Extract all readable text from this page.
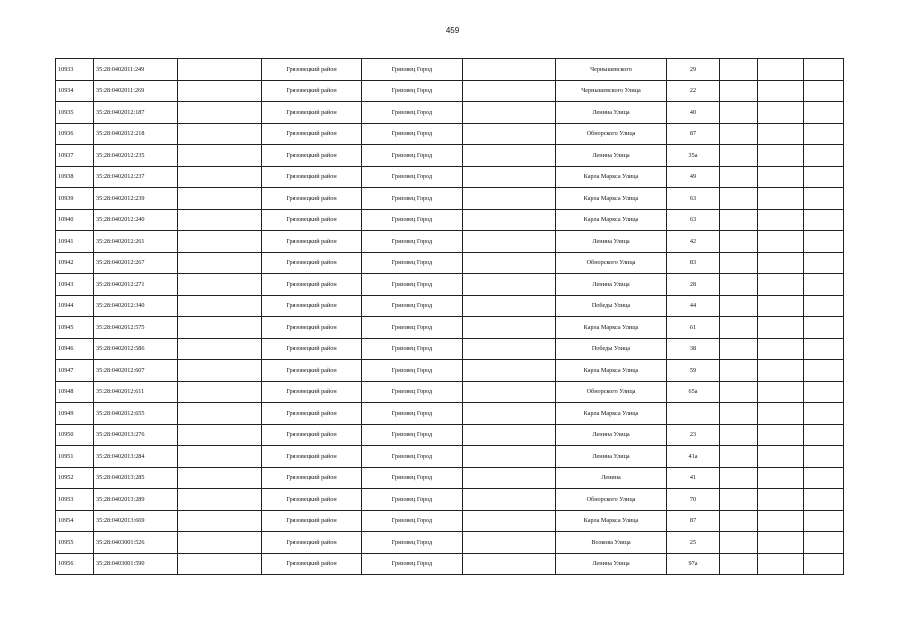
459
10933	35:28:0402011:249		Грязовецкий район	Грязовец Город		Чернышевского	29			
10934	35:28:0402011:269		Грязовецкий район	Грязовец Город		Чернышевского Улица	22			
10935	35:28:0402012:187		Грязовецкий район	Грязовец Город		Ленина Улица	40			
10936	35:28:0402012:218		Грязовецкий район	Грязовец Город		Обнорского Улица	87			
10937	35:28:0402012:235		Грязовецкий район	Грязовец Город		Ленина Улица	35а			
10938	35:28:0402012:237		Грязовецкий район	Грязовец Город		Карла Маркса Улица	49			
10939	35:28:0402012:239		Грязовецкий район	Грязовец Город		Карла Маркса Улица	63			
10940	35:28:0402012:240		Грязовецкий район	Грязовец Город		Карла Маркса Улица	63			
10941	35:28:0402012:261		Грязовецкий район	Грязовец Город		Ленина Улица	42			
10942	35:28:0402012:267		Грязовецкий район	Грязовец Город		Обнорского Улица	83			
10943	35:28:0402012:271		Грязовецкий район	Грязовец Город		Ленина Улица	28			
10944	35:28:0402012:340		Грязовецкий район	Грязовец Город		Победы Улица	44			
10945	35:28:0402012:575		Грязовецкий район	Грязовец Город		Карла Маркса Улица	61			
10946	35:28:0402012:586		Грязовецкий район	Грязовец Город		Победы Улица	38			
10947	35:28:0402012:607		Грязовецкий район	Грязовец Город		Карла Маркса Улица	59			
10948	35:28:0402012:611		Грязовецкий район	Грязовец Город		Обнорского Улица	65а			
10949	35:28:0402012:655		Грязовецкий район	Грязовец Город		Карла Маркса Улица				
10950	35:28:0402013:276		Грязовецкий район	Грязовец Город		Ленина Улица	23			
10951	35:28:0402013:284		Грязовецкий район	Грязовец Город		Ленина Улица	41а			
10952	35:28:0402013:285		Грязовецкий район	Грязовец Город		Ленина	41			
10953	35:28:0402013:289		Грязовецкий район	Грязовец Город		Обнорского Улица	70			
10954	35:28:0402013:669		Грязовецкий район	Грязовец Город		Карла Маркса Улица	87			
10955	35:28:0403001:526		Грязовецкий район	Грязовец Город		Волкова Улица	25			
10956	35:28:0403001:590		Грязовецкий район	Грязовец Город		Ленина Улица	97а			
